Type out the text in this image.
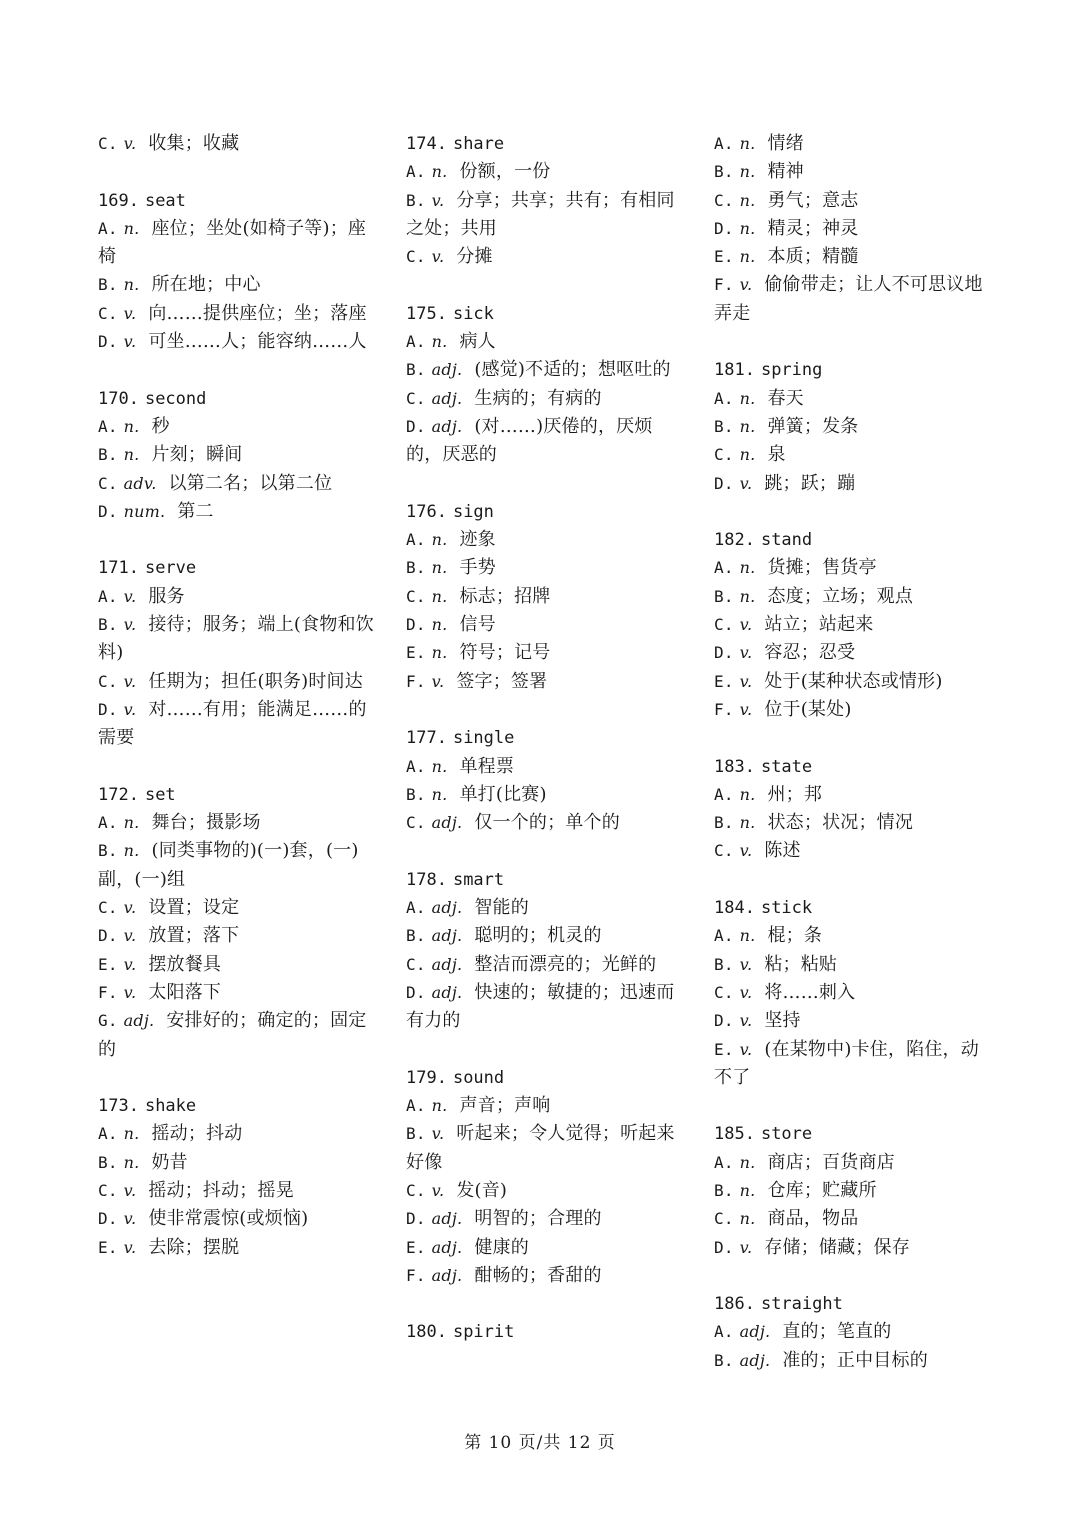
C. v. 收集；收藏
169. seat
A. n. 座位；坐处(如椅子等)；座椅
B. n. 所在地；中心
C. v. 向……提供座位；坐；落座
D. v. 可坐……人；能容纳……人
170. second
A. n. 秒
B. n. 片刻；瞬间
C. adv. 以第二名；以第二位
D. num. 第二
171. serve
A. v. 服务
B. v. 接待；服务；端上(食物和饮料)
C. v. 任期为；担任(职务)时间达
D. v. 对……有用；能满足……的需要
172. set
A. n. 舞台；摄影场
B. n. (同类事物的)(一)套，(一)副，(一)组
C. v. 设置；设定
D. v. 放置；落下
E. v. 摆放餐具
F. v. 太阳落下
G. adj. 安排好的；确定的；固定的
173. shake
A. n. 摇动；抖动
B. n. 奶昔
C. v. 摇动；抖动；摇晃
D. v. 使非常震惊(或烦恼)
E. v. 去除；摆脱
174. share
A. n. 份额，一份
B. v. 分享；共享；共有；有相同之处；共用
C. v. 分摊
175. sick
A. n. 病人
B. adj. (感觉)不适的；想呕吐的
C. adj. 生病的；有病的
D. adj. (对……)厌倦的，厌烦的，厌恶的
176. sign
A. n. 迹象
B. n. 手势
C. n. 标志；招牌
D. n. 信号
E. n. 符号；记号
F. v. 签字；签署
177. single
A. n. 单程票
B. n. 单打(比赛)
C. adj. 仅一个的；单个的
178. smart
A. adj. 智能的
B. adj. 聪明的；机灵的
C. adj. 整洁而漂亮的；光鲜的
D. adj. 快速的；敏捷的；迅速而有力的
179. sound
A. n. 声音；声响
B. v. 听起来；令人觉得；听起来好像
C. v. 发(音)
D. adj. 明智的；合理的
E. adj. 健康的
F. adj. 酣畅的；香甜的
180. spirit
A. n. 情绪
B. n. 精神
C. n. 勇气；意志
D. n. 精灵；神灵
E. n. 本质；精髓
F. v. 偷偷带走；让人不可思议地弄走
181. spring
A. n. 春天
B. n. 弹簧；发条
C. n. 泉
D. v. 跳；跃；蹦
182. stand
A. n. 货摊；售货亭
B. n. 态度；立场；观点
C. v. 站立；站起来
D. v. 容忍；忍受
E. v. 处于(某种状态或情形)
F. v. 位于(某处)
183. state
A. n. 州；邦
B. n. 状态；状况；情况
C. v. 陈述
184. stick
A. n. 棍；条
B. v. 粘；粘贴
C. v. 将……刺入
D. v. 坚持
E. v. (在某物中)卡住，陷住，动不了
185. store
A. n. 商店；百货商店
B. n. 仓库；贮藏所
C. n. 商品，物品
D. v. 存储；储藏；保存
186. straight
A. adj. 直的；笔直的
B. adj. 准的；正中目标的
第 10 页/共 12 页
